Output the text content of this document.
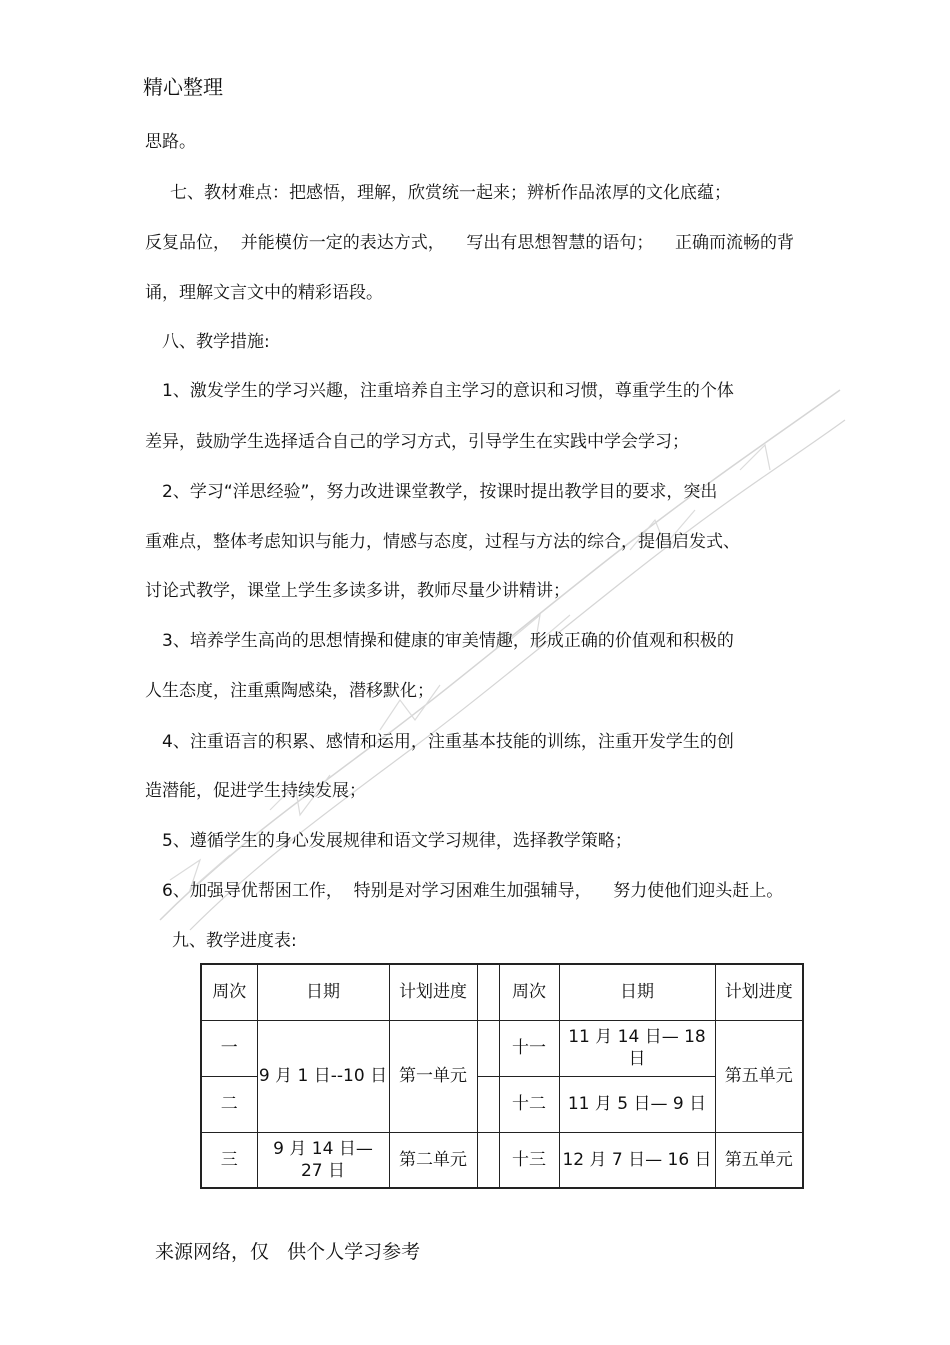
精心整理
思路。
七、教材难点：把感悟，理解，欣赏统一起来；辨析作品浓厚的文化底蕴；
反复品位，  并能模仿一定的表达方式，    写出有思想智慧的语句；    正确而流畅的背
诵，理解文言文中的精彩语段。
八、教学措施:
1、激发学生的学习兴趣，注重培养自主学习的意识和习惯，尊重学生的个体
差异，鼓励学生选择适合自己的学习方式，引导学生在实践中学会学习；
2、学习“洋思经验”，努力改进课堂教学，按课时提出教学目的要求，突出
重难点，整体考虑知识与能力，情感与态度，过程与方法的综合，提倡启发式、
讨论式教学，课堂上学生多读多讲，教师尽量少讲精讲；
3、培养学生高尚的思想情操和健康的审美情趣，形成正确的价值观和积极的
人生态度，注重熏陶感染，潜移默化；
4、注重语言的积累、感情和运用，注重基本技能的训练，注重开发学生的创
造潜能，促进学生持续发展；
5、遵循学生的身心发展规律和语文学习规律，选择教学策略；
6、加强导优帮困工作，  特别是对学习困难生加强辅导，    努力使他们迎头赶上。
九、教学进度表:
周次	日期	计划进度		周次	日期	计划进度
一	9 月 1 日--10 日	第一单元		十一	11 月 14 日— 18 日	第五单元
二				十二	11 月 5 日— 9 日	
三	9 月 14 日— 27 日	第二单元		十三	12 月 7 日— 16 日	第五单元
来源网络，仅   供个人学习参考
